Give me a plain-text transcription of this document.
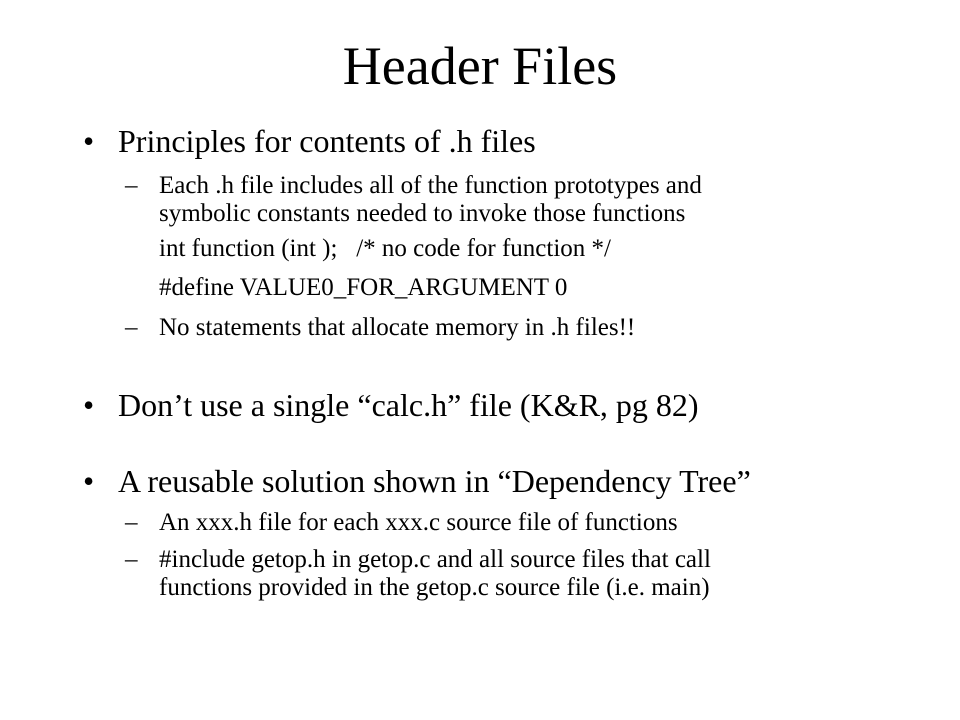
Header Files
• Principles for contents of .h files
– Each .h file includes all of the function prototypes and
symbolic constants needed to invoke those functions
int function (int );   /* no code for function */
#define VALUE0_FOR_ARGUMENT 0
– No statements that allocate memory in .h files!!
• Don’t use a single “calc.h” file (K&R, pg 82)
• A reusable solution shown in “Dependency Tree”
– An xxx.h file for each xxx.c source file of functions
– #include getop.h in getop.c and all source files that call
functions provided in the getop.c source file (i.e. main)
